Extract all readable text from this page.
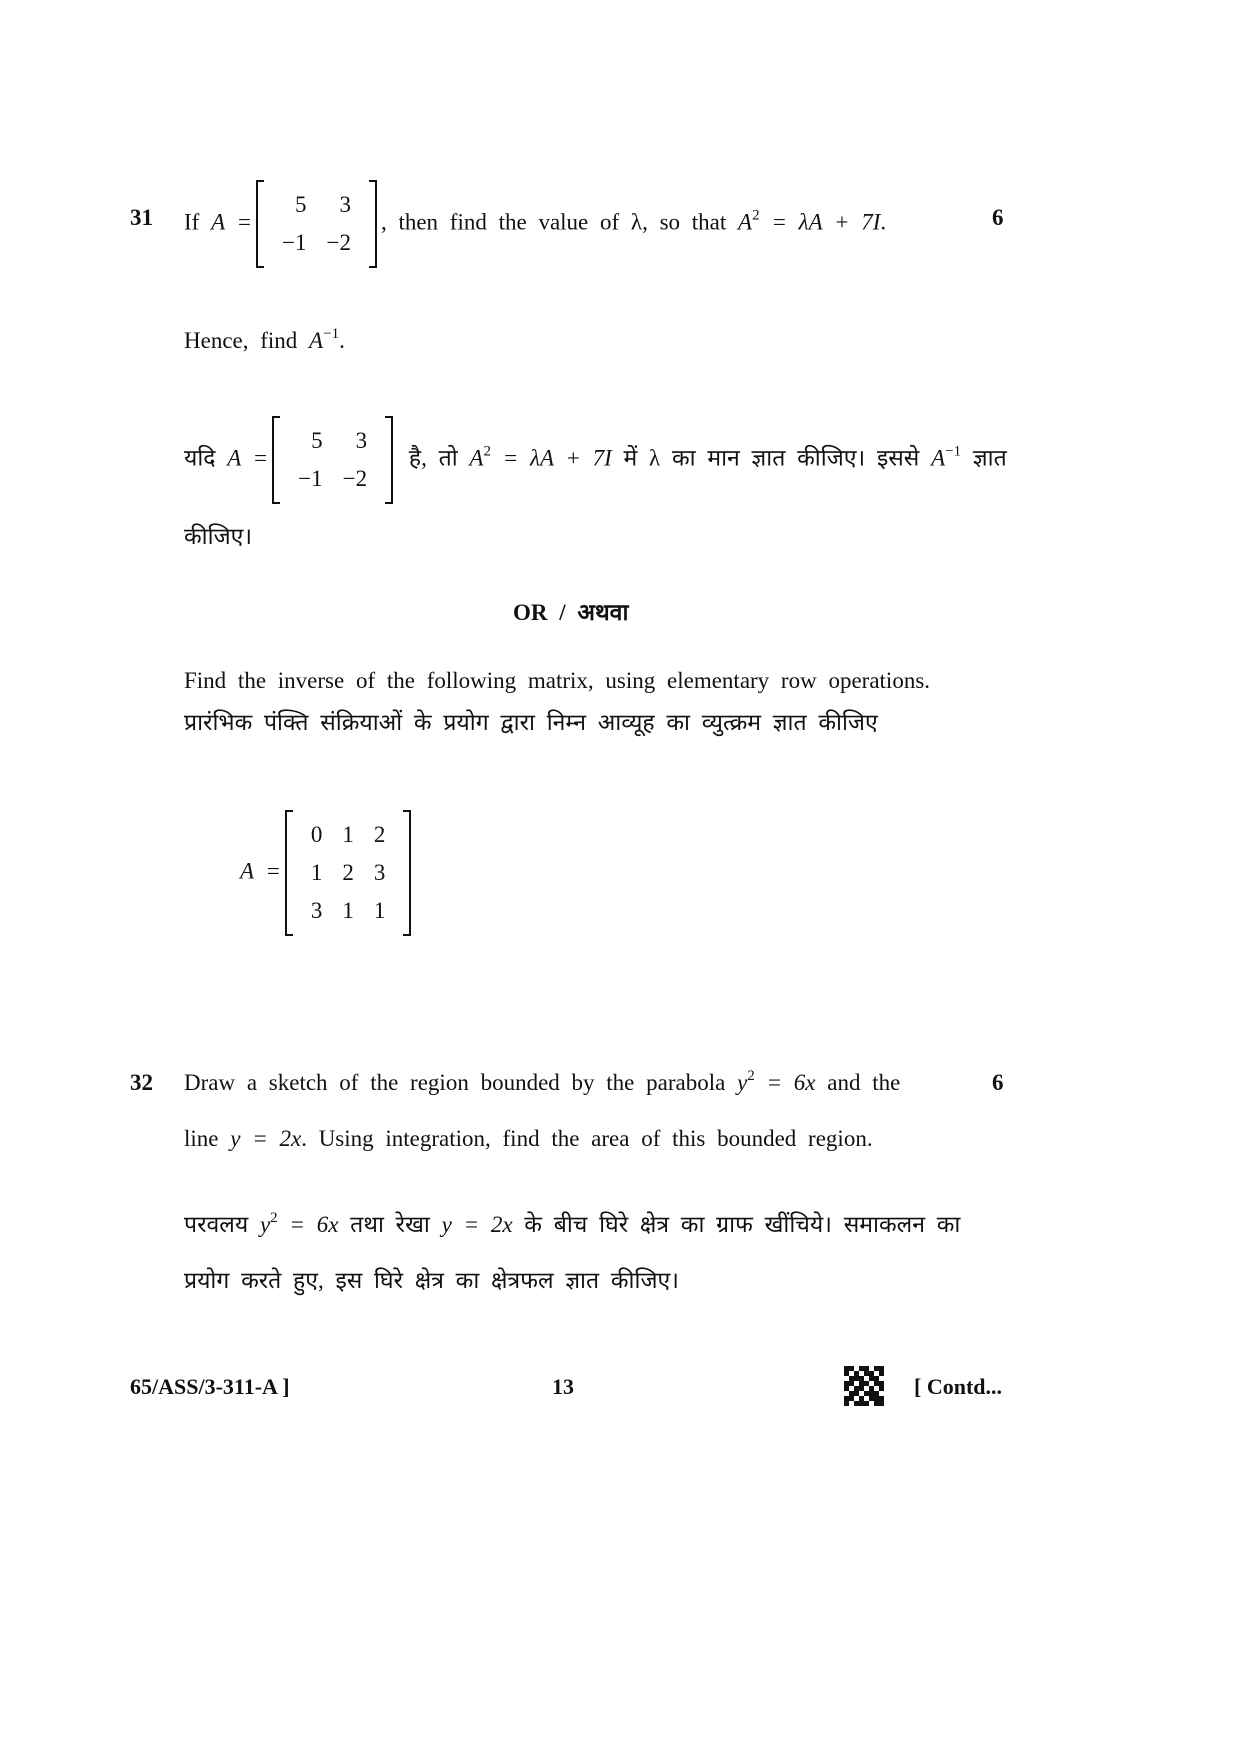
31 If A =
5	3
−1	−2
, then find the value of λ, so that $A^2 = \lambda A + 7I$.	6
Hence, find $A^{-1}$.
यदि A =
5	3
−1	−2
है, तो $A^2 = \lambda A + 7I$ में λ का मान ज्ञात कीजिए। इससे $A^{-1}$ ज्ञात
कीजिए।
OR / अथवा
Find the inverse of the following matrix, using elementary row operations.
प्रारंभिक पंक्ति संक्रियाओं के प्रयोग द्वारा निम्न आव्यूह का व्युत्क्रम ज्ञात कीजिए
A =
0	1	2
1	2	3
3	1	1
32 Draw a sketch of the region bounded by the parabola $y^2 = 6x$ and the	6
line y = 2x. Using integration, find the area of this bounded region.
परवलय $y^2 = 6x$ तथा रेखा y = 2x के बीच घिरे क्षेत्र का ग्राफ खींचिये। समाकलन का
प्रयोग करते हुए, इस घिरे क्षेत्र का क्षेत्रफल ज्ञात कीजिए।
65/ASS/3-311-A ]	13	[ Contd...
